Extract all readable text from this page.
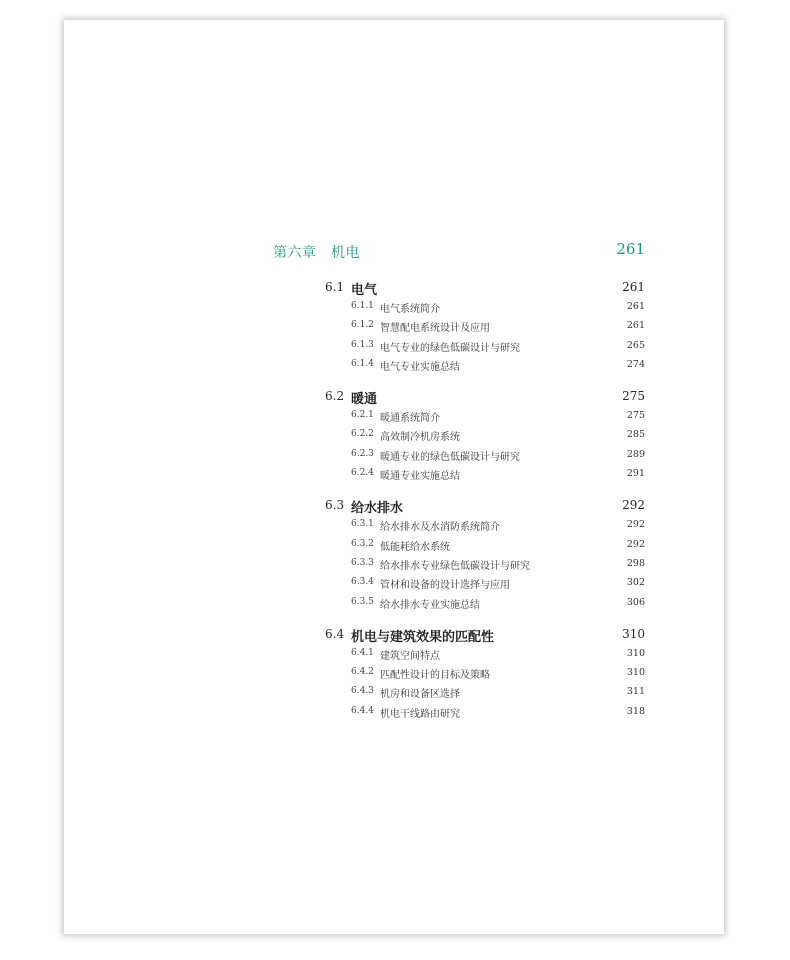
第六章　机电	261
6.1 电气	261
6.1.1 电气系统简介	261
6.1.2 智慧配电系统设计及应用	261
6.1.3 电气专业的绿色低碳设计与研究	265
6.1.4 电气专业实施总结	274
6.2 暖通	275
6.2.1 暖通系统简介	275
6.2.2 高效制冷机房系统	285
6.2.3 暖通专业的绿色低碳设计与研究	289
6.2.4 暖通专业实施总结	291
6.3 给水排水	292
6.3.1 给水排水及水消防系统简介	292
6.3.2 低能耗给水系统	292
6.3.3 给水排水专业绿色低碳设计与研究	298
6.3.4 管材和设备的设计选择与应用	302
6.3.5 给水排水专业实施总结	306
6.4 机电与建筑效果的匹配性	310
6.4.1 建筑空间特点	310
6.4.2 匹配性设计的目标及策略	310
6.4.3 机房和设备区选择	311
6.4.4 机电干线路由研究	318
